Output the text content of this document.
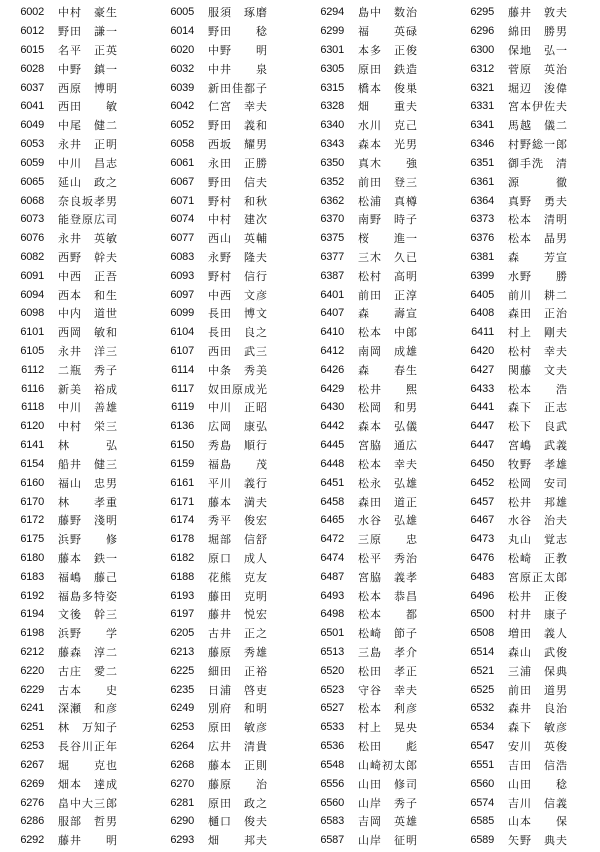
6002 中村　豪生
6012 野田　謙一
6015 名平　正英
6028 中野　鎮一
6037 西原　博明
6041 西田　　敏
6049 中尾　健二
6053 永井　正明
6059 中川　昌志
6065 延山　政之
6068 奈良坂孝男
6073 能登原広司
6076 永井　英敏
6082 西野　幹夫
6091 中西　正吾
6094 西本　和生
6098 中内　道世
6101 西岡　敏和
6105 永井　洋三
6112 二瓶　秀子
6116 新美　裕成
6118 中川　善雄
6120 中村　栄三
6141 林　　　弘
6154 船井　健三
6160 福山　忠男
6170 林　　孝重
6172 藤野　淺明
6175 浜野　　修
6180 藤本　鉄一
6183 福嶋　藤己
6192 福島多特姿
6194 文後　幹三
6198 浜野　　学
6212 藤森　淳二
6220 古庄　愛二
6229 古本　　史
6241 深瀬　和彦
6251 林　万知子
6253 長谷川正年
6267 堀　　克也
6269 畑本　達成
6276 畠中大三郎
6286 服部　哲男
6292 藤井　　明
6005 服須　琢磨
6014 野田　　稔
6020 中野　　明
6032 中井　　泉
6039 新田佳都子
6042 仁宮　幸夫
6052 野田　義和
6058 西坂　耀男
6061 永田　正勝
6067 野田　信夫
6071 野村　和秋
6074 中村　建次
6077 西山　英輔
6083 永野　隆夫
6093 野村　信行
6097 中西　文彦
6099 長田　博文
6104 長田　良之
6107 西田　武三
6114 中条　秀美
6117 奴田原成光
6119 中川　正昭
6136 広岡　康弘
6150 秀島　順行
6159 福島　　茂
6161 平川　義行
6171 藤本　満夫
6174 秀平　俊宏
6178 堀部　信舒
6182 原口　成人
6188 花熊　克友
6193 藤田　克明
6197 藤井　悦宏
6205 古井　正之
6213 藤原　秀雄
6225 細田　正裕
6235 日浦　啓吏
6249 別府　和明
6253 原田　敏彦
6264 広井　清貴
6268 藤本　正則
6270 藤原　　治
6281 原田　政之
6290 樋口　俊夫
6293 畑　　邦夫
6294 島中　数治
6299 福　　英碌
6301 本多　正俊
6305 原田　鉄造
6315 橋本　俊巣
6328 畑　　重夫
6340 水川　克己
6343 森本　光男
6350 真木　　強
6352 前田　登三
6362 松浦　真樽
6370 南野　時子
6375 桜　　進一
6377 三木　久已
6387 松村　高明
6401 前田　正淳
6407 森　　壽宣
6410 松本　中郎
6412 南岡　成雄
6426 森　　春生
6429 松井　　煕
6430 松岡　和男
6442 森本　弘儀
6445 宮脇　通広
6448 松本　幸夫
6451 松永　弘雄
6458 森田　道正
6465 水谷　弘雄
6472 三原　　忠
6474 松平　秀治
6487 宮脇　義孝
6493 松本　恭昌
6498 松本　　都
6501 松崎　節子
6513 三島　孝介
6520 松田　孝正
6523 守谷　幸夫
6527 松本　利彦
6533 村上　晃央
6536 松田　　彪
6548 山崎初太郎
6556 山田　修司
6560 山岸　秀子
6583 吉岡　英雄
6587 山岸　征明
6295 藤井　敦夫
6296 綿田　勝男
6300 保地　弘一
6312 菅原　英治
6321 堀辺　浚偉
6331 宮本伊佐夫
6341 馬越　儀二
6346 村野総一郎
6351 御手洗　清
6361 源　　　徹
6364 真野　勇夫
6373 松本　清明
6376 松本　晶男
6381 森　　芳宣
6399 水野　　勝
6405 前川　耕二
6408 森田　正治
6411 村上　剛夫
6420 松村　幸夫
6427 関藤　文夫
6433 松本　　浩
6441 森下　正志
6447 松下　良武
6447 宮嶋　武義
6450 牧野　孝雄
6452 松岡　安司
6457 松井　邦雄
6467 水谷　治夫
6473 丸山　覚志
6476 松崎　正教
6483 宮原正太郎
6496 松井　正俊
6500 村井　康子
6508 増田　義人
6514 森山　武俊
6521 三浦　保典
6525 前田　道男
6532 森井　良治
6534 森下　敏彦
6547 安川　英俊
6551 吉田　信浩
6560 山田　　稔
6574 吉川　信義
6585 山本　　保
6589 矢野　典夫
